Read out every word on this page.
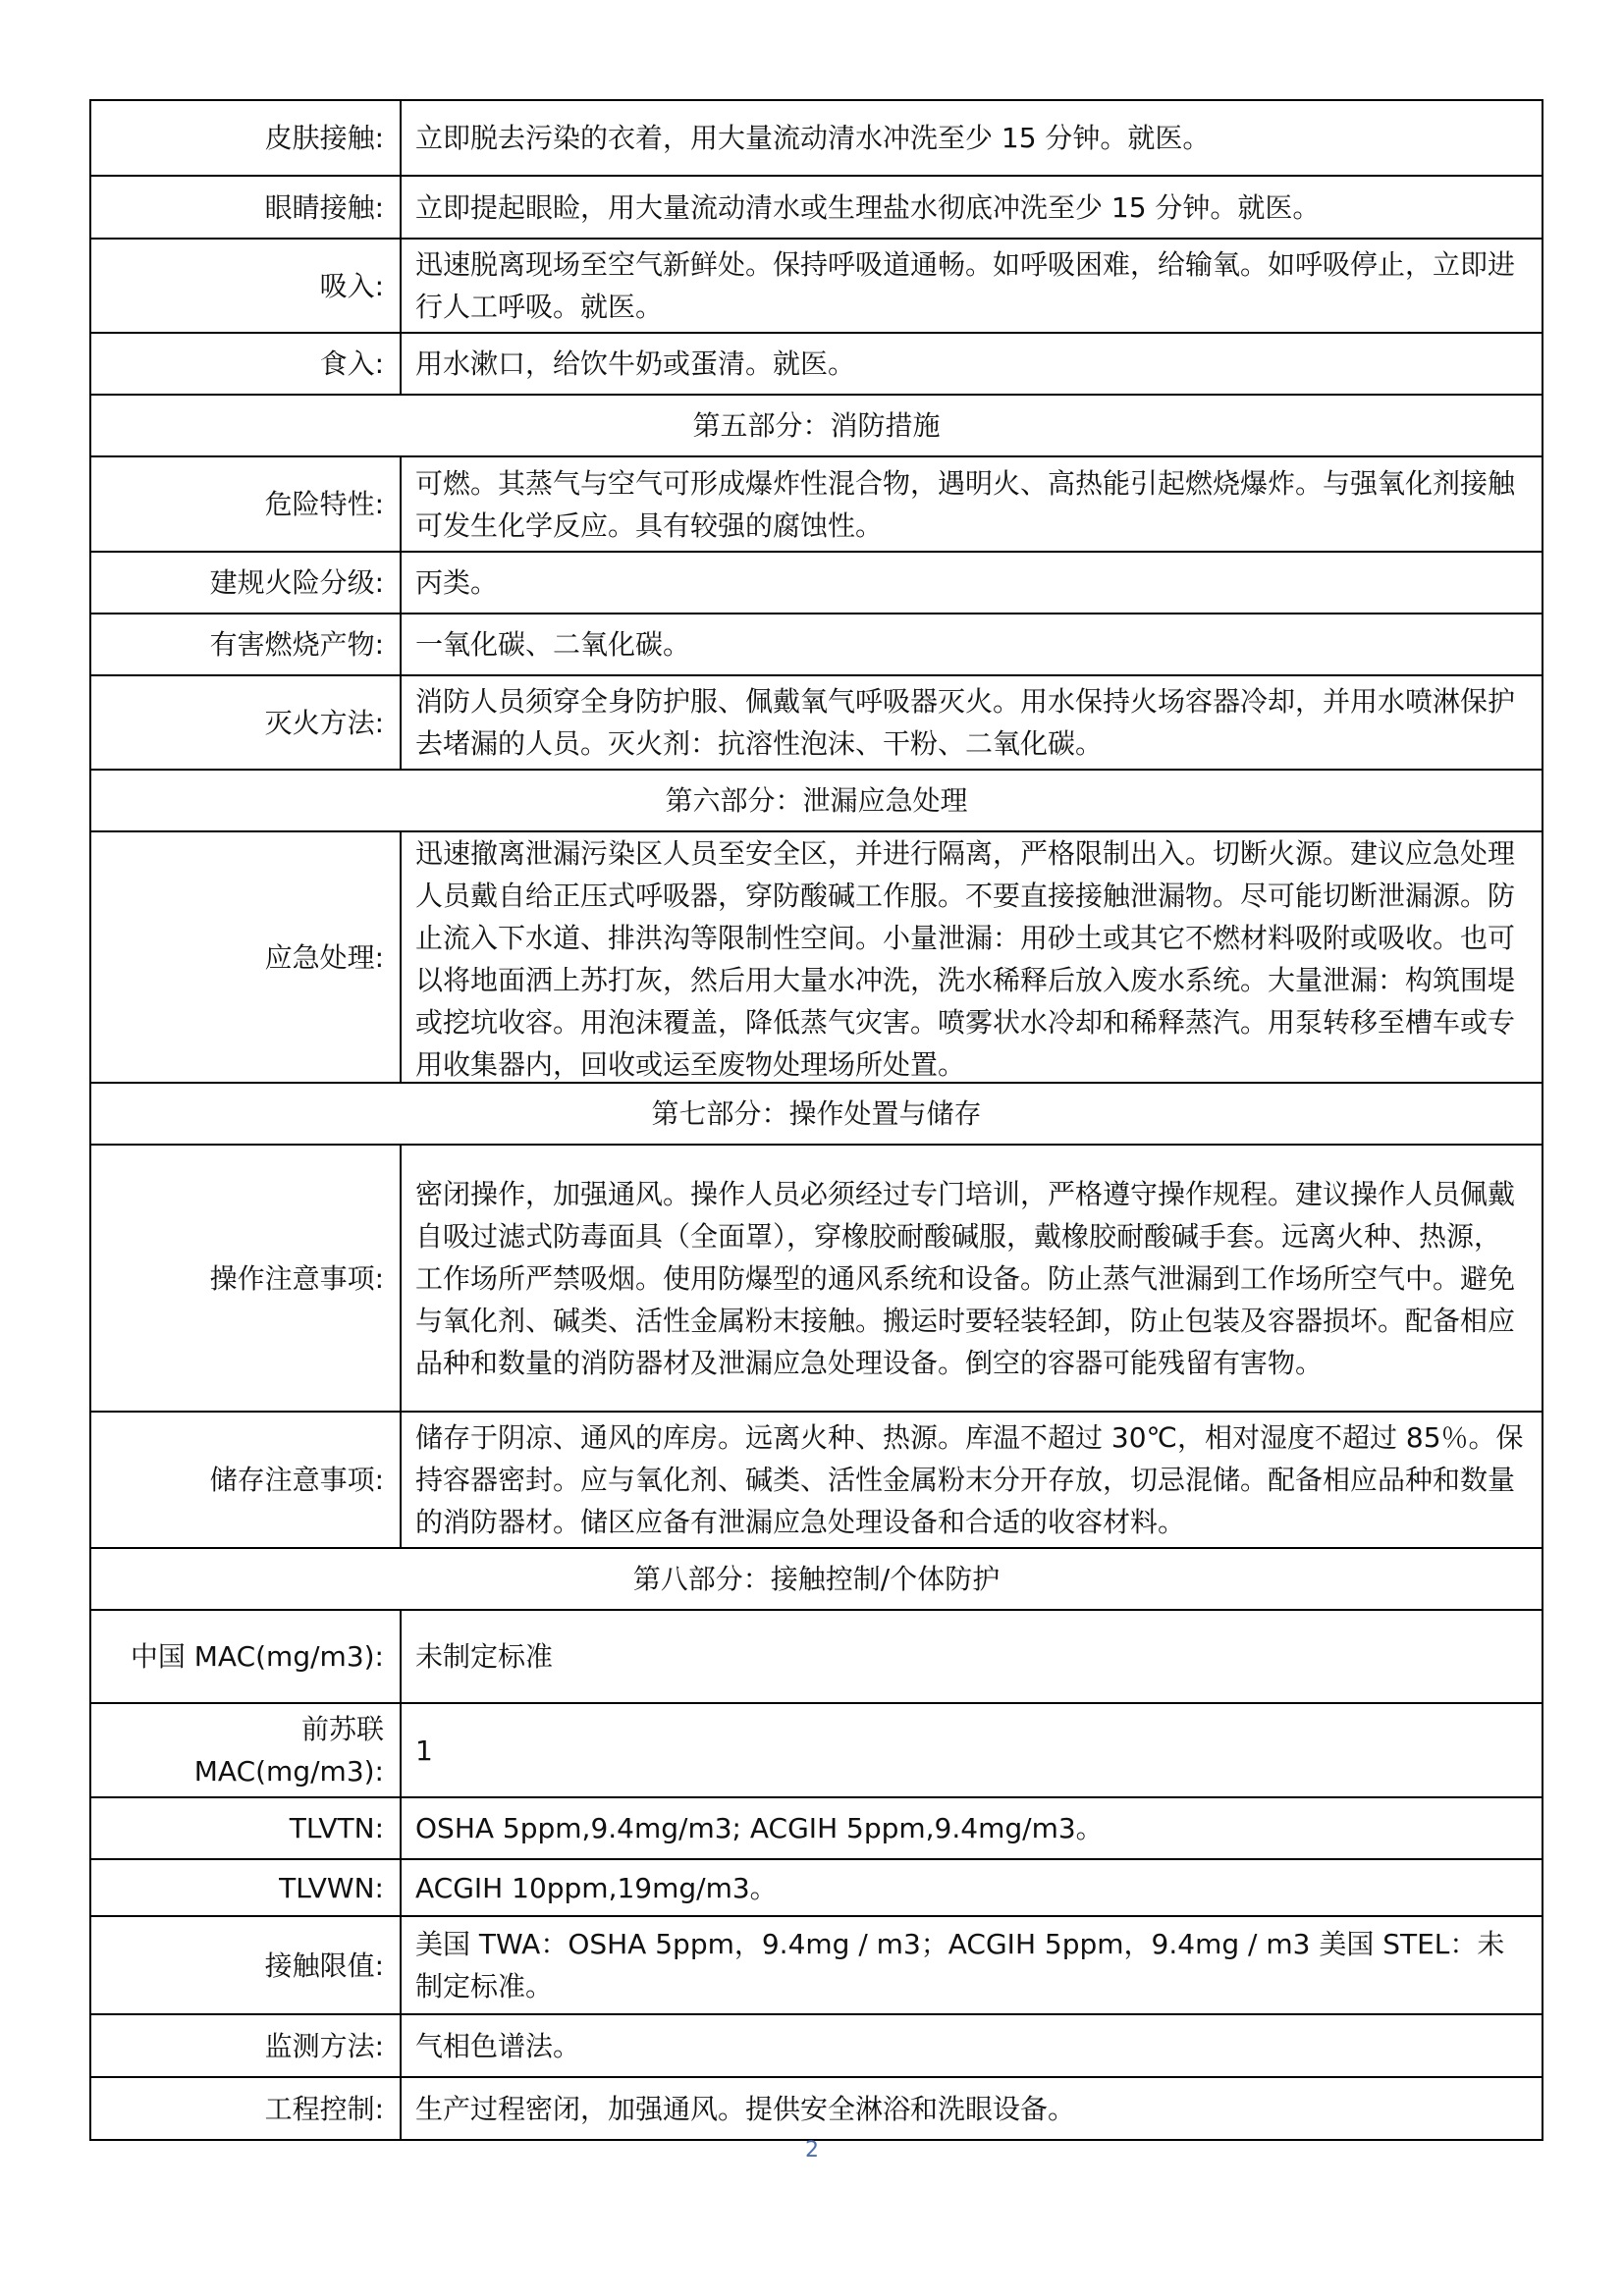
皮肤接触:	立即脱去污染的衣着，用大量流动清水冲洗至少 15 分钟。就医。
眼睛接触:	立即提起眼睑，用大量流动清水或生理盐水彻底冲洗至少 15 分钟。就医。
吸入:	迅速脱离现场至空气新鲜处。保持呼吸道通畅。如呼吸困难，给输氧。如呼吸停止，立即进行人工呼吸。就医。
食入:	用水漱口，给饮牛奶或蛋清。就医。
第五部分：消防措施	
危险特性:	可燃。其蒸气与空气可形成爆炸性混合物，遇明火、高热能引起燃烧爆炸。与强氧化剂接触可发生化学反应。具有较强的腐蚀性。
建规火险分级:	丙类。
有害燃烧产物:	一氧化碳、二氧化碳。
灭火方法:	消防人员须穿全身防护服、佩戴氧气呼吸器灭火。用水保持火场容器冷却，并用水喷淋保护去堵漏的人员。灭火剂：抗溶性泡沫、干粉、二氧化碳。
第六部分：泄漏应急处理	
应急处理:	迅速撤离泄漏污染区人员至安全区，并进行隔离，严格限制出入。切断火源。建议应急处理人员戴自给正压式呼吸器，穿防酸碱工作服。不要直接接触泄漏物。尽可能切断泄漏源。防止流入下水道、排洪沟等限制性空间。小量泄漏：用砂土或其它不燃材料吸附或吸收。也可以将地面洒上苏打灰，然后用大量水冲洗，洗水稀释后放入废水系统。大量泄漏：构筑围堤或挖坑收容。用泡沫覆盖，降低蒸气灾害。喷雾状水冷却和稀释蒸汽。用泵转移至槽车或专用收集器内，回收或运至废物处理场所处置。

第七部分：操作处置与储存	
操作注意事项:	密闭操作，加强通风。操作人员必须经过专门培训，严格遵守操作规程。建议操作人员佩戴自吸过滤式防毒面具（全面罩），穿橡胶耐酸碱服，戴橡胶耐酸碱手套。远离火种、热源，工作场所严禁吸烟。使用防爆型的通风系统和设备。防止蒸气泄漏到工作场所空气中。避免与氧化剂、碱类、活性金属粉末接触。搬运时要轻装轻卸，防止包装及容器损坏。配备相应品种和数量的消防器材及泄漏应急处理设备。倒空的容器可能残留有害物。
储存注意事项:	储存于阴凉、通风的库房。远离火种、热源。库温不超过 30℃，相对湿度不超过 85％。保持容器密封。应与氧化剂、碱类、活性金属粉末分开存放，切忌混储。配备相应品种和数量的消防器材。储区应备有泄漏应急处理设备和合适的收容材料。
第八部分：接触控制/个体防护	
中国 MAC(mg/m3):	未制定标准

前苏联
MAC(mg/m3):	1
TLVTN:	OSHA 5ppm,9.4mg/m3; ACGIH 5ppm,9.4mg/m3。
TLVWN:	ACGIH 10ppm,19mg/m3。
接触限值:	美国 TWA：OSHA 5ppm，9.4mg / m3；ACGIH 5ppm，9.4mg / m3 美国 STEL：未制定标准。
监测方法:	气相色谱法。
工程控制:	生产过程密闭，加强通风。提供安全淋浴和洗眼设备。
2
